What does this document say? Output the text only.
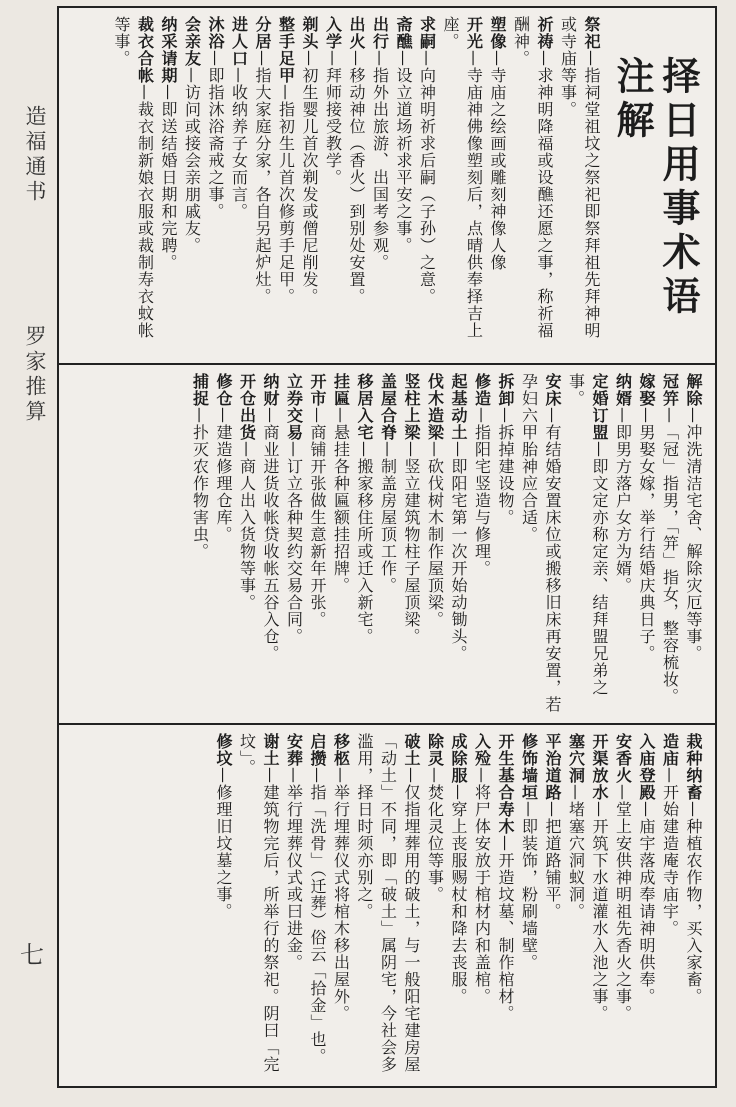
造福通书
罗家推算
七
择日用事术语注解
祭祀—指祠堂祖坟之祭祀即祭拜祖先拜神明或寺庙等事。
祈祷—求神明降福或设醮还愿之事，称祈福酬神。
塑像—寺庙之绘画或雕刻神像人像
开光—寺庙神佛像塑刻后，点晴供奉择吉上座。
求嗣—向神明祈求后嗣（子孙）之意。
斋醮—设立道场祈求平安之事。
出行—指外出旅游、出国考参观。
出火—移动神位（香火）到别处安置。
入学—拜师接受教学。
剃头—初生婴儿首次剃发或僧尼削发。
整手足甲—指初生儿首次修剪手足甲。
分居—指大家庭分家，各自另起炉灶。
进人口—收纳养子女而言。
沐浴—即指沐浴斋戒之事。
会亲友—访问或接会亲朋戚友。
纳采请期—即送结婚日期和完聘。
裁衣合帐—裁衣制新娘衣服或裁制寿衣蚊帐等事。
解除—冲洗清洁宅舍、解除灾厄等事。
冠笄—「冠」指男，「笄」指女，整容梳妆。
嫁娶—男娶女嫁，举行结婚庆典日子。
纳婿—即男方落户女方为婿。
定婚订盟—即文定亦称定亲、结拜盟兄弟之事。
安床—有结婚安置床位或搬移旧床再安置，若孕妇六甲胎神应合适。
拆卸—拆掉建设物。
修造—指阳宅竖造与修理。
起基动土—即阳宅第一次开始动锄头。
伐木造梁—砍伐树木制作屋顶梁。
竖柱上梁—竖立建筑物柱子屋顶梁。
盖屋合脊—制盖房屋顶工作。
移居入宅—搬家移住所或迁入新宅。
挂匾—悬挂各种匾额挂招牌。
开市—商铺开张做生意新年开张。
立券交易—订立各种契约交易合同。
纳财—商业进货收帐贷收帐五谷入仓。
开仓出货—商人出入货物等事。
修仓—建造修理仓库。
捕捉—扑灭农作物害虫。
栽种纳畜—种植农作物，买入家畜。
造庙—开始建造庵寺庙宇。
入庙登殿—庙宇落成奉请神明供奉。
安香火—堂上安供神明祖先香火之事。
开渠放水—开筑下水道灌水入池之事。
塞穴洞—堵塞穴洞蚁洞。
平治道路—把道路铺平。
修饰墙垣—即装饰，粉刷墙壁。
开生基合寿木—开造坟墓、制作棺材。
入殓—将尸体安放于棺材内和盖棺。
成除服—穿上丧服赐杖和降去丧服。
除灵—焚化灵位等事。
破土—仅指埋葬用的破土，与一般阳宅建房屋「动土」不同，即「破土」属阴宅，今社会多滥用，择日时须亦别之。
移柩—举行埋葬仪式将棺木移出屋外。
启攒—指「洗骨」（迁葬）俗云「拾金」也。
安葬—举行埋葬仪式或曰进金。
谢土—建筑物完后，所举行的祭祀。阴曰「完坟」。
修坟—修理旧坟墓之事。
